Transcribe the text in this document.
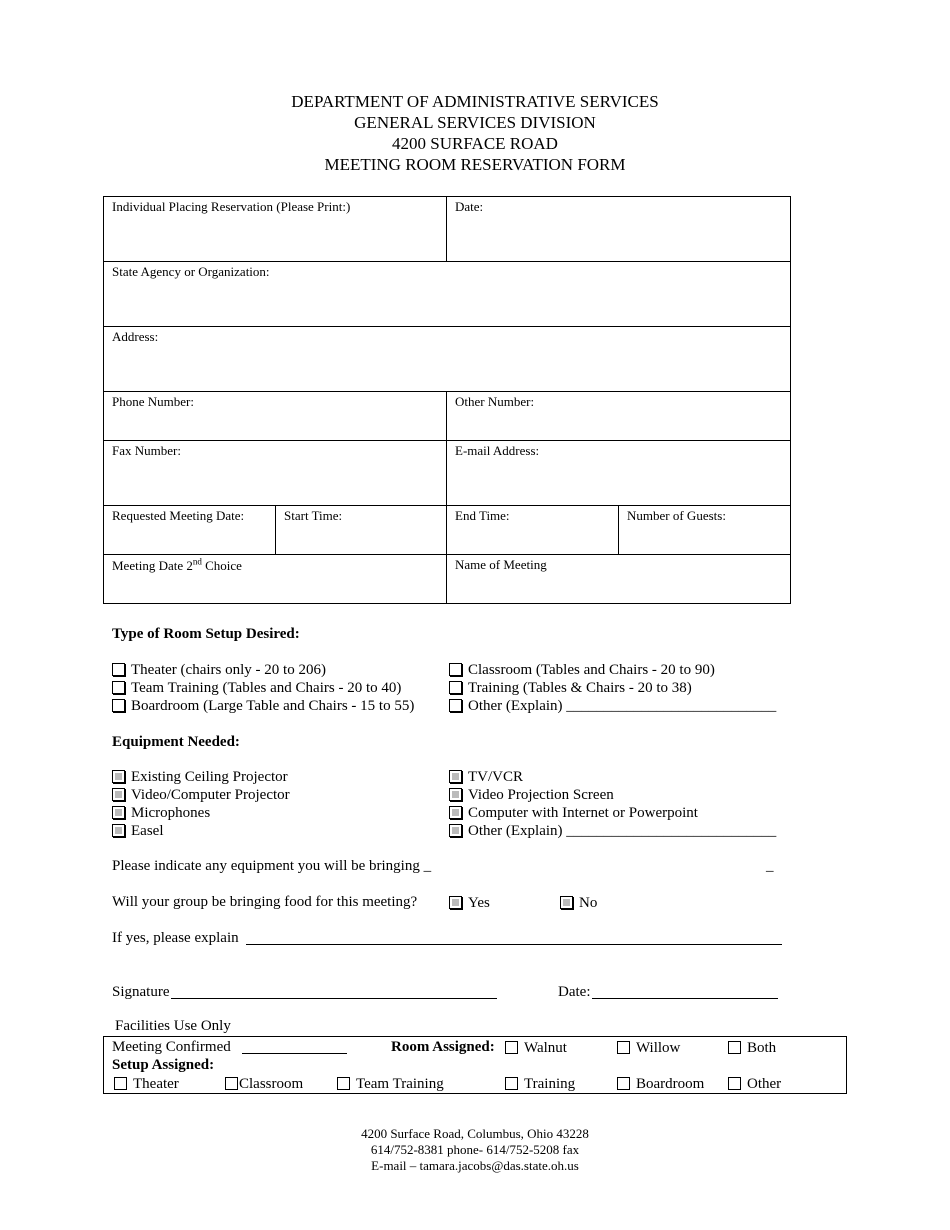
DEPARTMENT OF ADMINISTRATIVE SERVICES
GENERAL SERVICES DIVISION
4200 SURFACE ROAD
MEETING ROOM RESERVATION FORM
Individual Placing Reservation (Please Print:)	Date:
State Agency or Organization:
Address:
Phone Number:	Other Number:
Fax Number:	E-mail Address:
Requested Meeting Date:	Start Time:	End Time:	Number of Guests:
Meeting Date 2nd Choice	Name of Meeting
Type of Room Setup Desired:
Theater (chairs only - 20 to 206)
Team Training (Tables and Chairs - 20 to 40)
Boardroom (Large Table and Chairs - 15 to 55)
Classroom (Tables and Chairs - 20 to 90)
Training (Tables & Chairs - 20 to 38)
Other (Explain) ____________________________
Equipment Needed:
Existing Ceiling Projector
Video/Computer Projector
Microphones
Easel
TV/VCR
Video Projection Screen
Computer with Internet or Powerpoint
Other (Explain) ____________________________
Please indicate any equipment you will be bringing _	_
Will your group be bringing food for this meeting?	Yes	No
If yes, please explain
Signature	Date:
Facilities Use Only
Meeting Confirmed	Room Assigned:	Walnut	Willow	Both
Setup Assigned:
Theater	Classroom	Team Training	Training	Boardroom	Other
4200 Surface Road, Columbus, Ohio 43228
614/752-8381 phone- 614/752-5208 fax
E-mail – tamara.jacobs@das.state.oh.us
